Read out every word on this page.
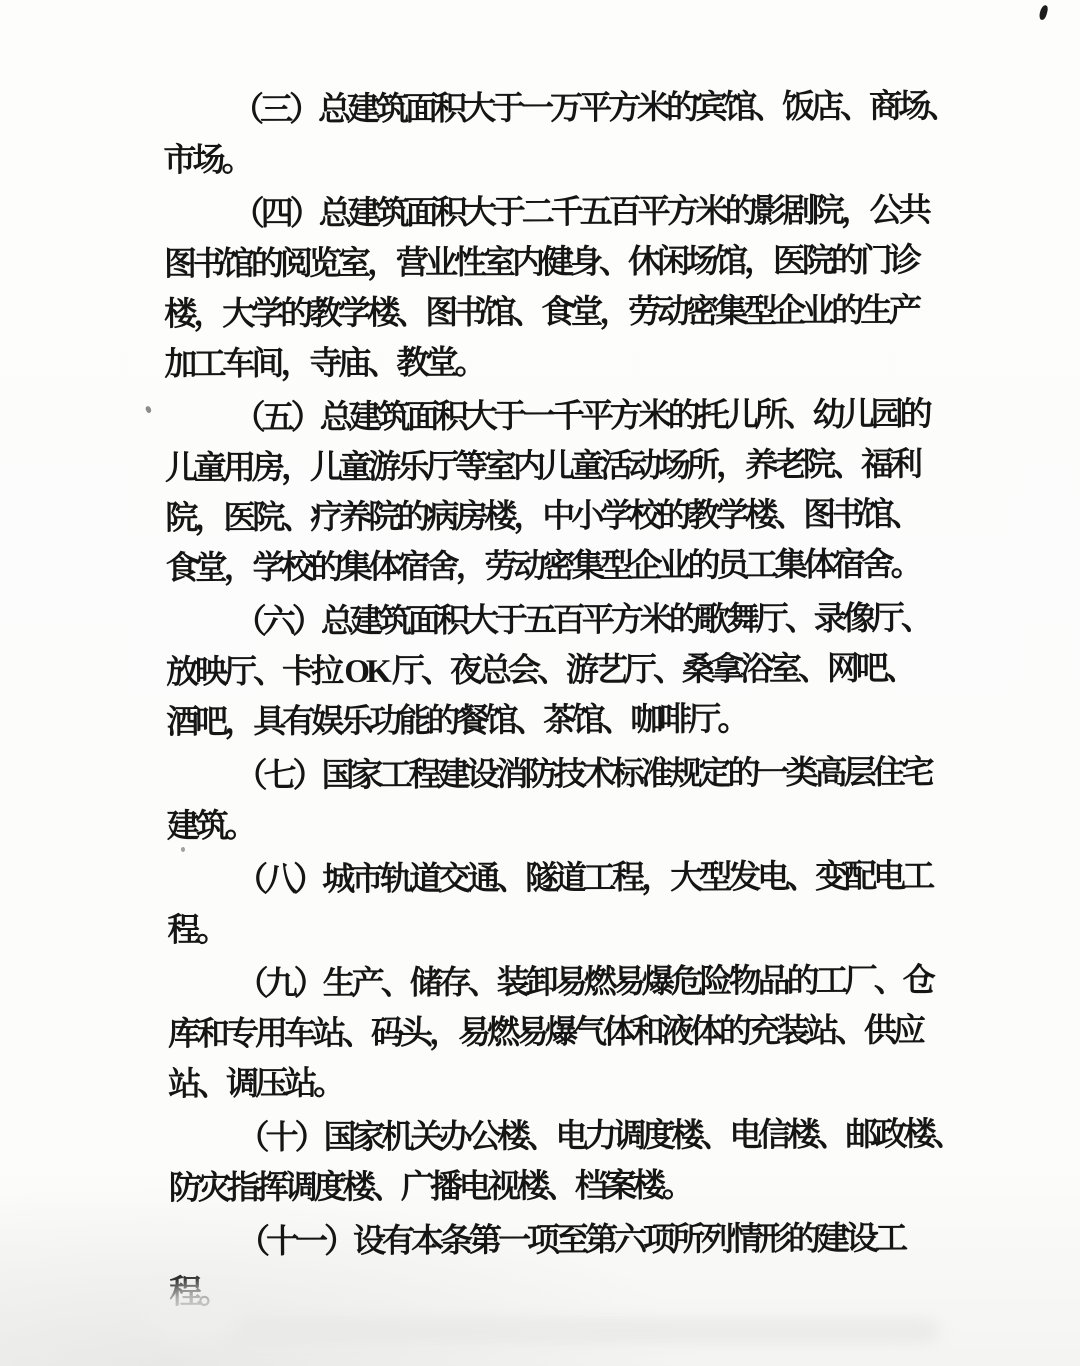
（三）总建筑面积大于一万平方米的宾馆、饭店、商场、
市场。
（四）总建筑面积大于二千五百平方米的影剧院，公共
图书馆的阅览室，营业性室内健身、休闲场馆，医院的门诊
楼，大学的教学楼、图书馆、食堂，劳动密集型企业的生产
加工车间，寺庙、教堂。
（五）总建筑面积大于一千平方米的托儿所、幼儿园的
儿童用房，儿童游乐厅等室内儿童活动场所，养老院、福利
院，医院、疗养院的病房楼，中小学校的教学楼、图书馆、
食堂，学校的集体宿舍，劳动密集型企业的员工集体宿舍。
（六）总建筑面积大于五百平方米的歌舞厅、录像厅、
放映厅、卡拉 OK 厅、夜总会、游艺厅、桑拿浴室、网吧、
酒吧，具有娱乐功能的餐馆、茶馆、咖啡厅。
（七）国家工程建设消防技术标准规定的一类高层住宅
建筑。
（八）城市轨道交通、隧道工程，大型发电、变配电工
程。
（九）生产、储存、装卸易燃易爆危险物品的工厂、仓
库和专用车站、码头，易燃易爆气体和液体的充装站、供应
站、调压站。
（十）国家机关办公楼、电力调度楼、电信楼、邮政楼、
防灾指挥调度楼、广播电视楼、档案楼。
（十一）设有本条第一项至第六项所列情形的建设工
